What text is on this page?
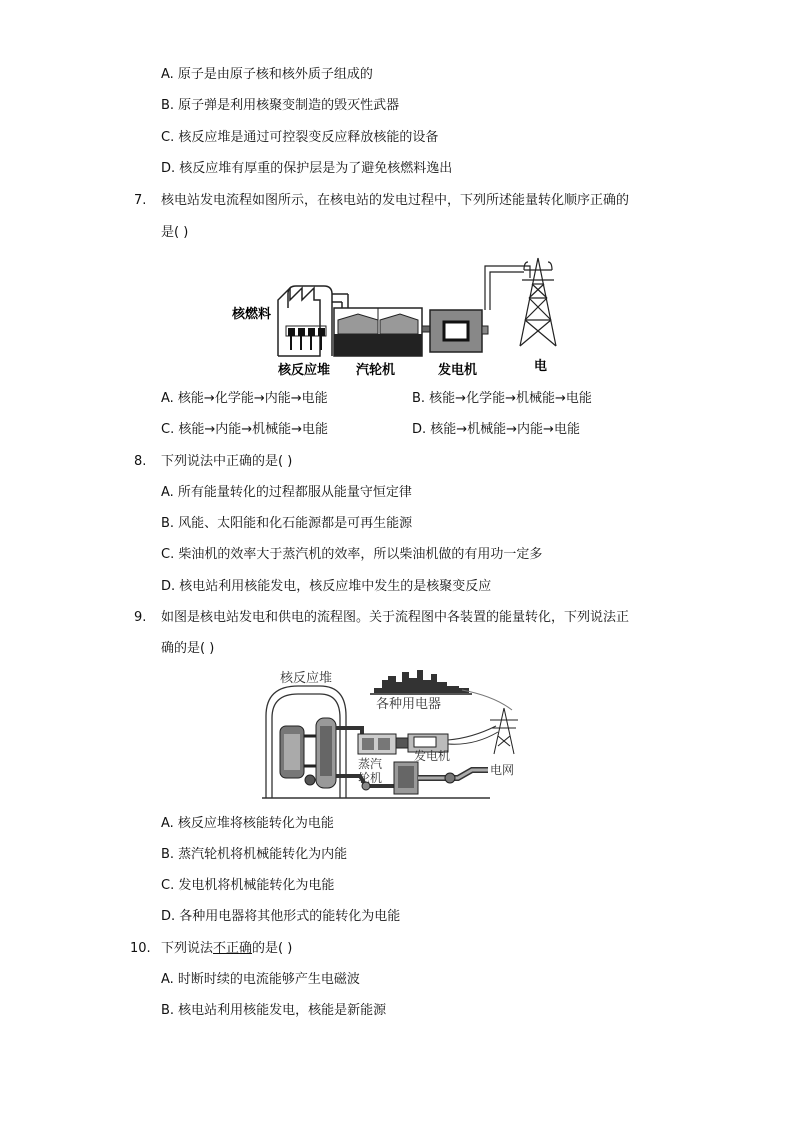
A. 原子是由原子核和核外质子组成的
B. 原子弹是利用核聚变制造的毁灭性武器
C. 核反应堆是通过可控裂变反应释放核能的设备
D. 核反应堆有厚重的保护层是为了避免核燃料逸出
7. 核电站发电流程如图所示，在核电站的发电过程中，下列所述能量转化顺序正确的
是( )
核燃料
核反应堆 汽轮机	发电机	电
A. 核能→化学能→内能→电能	B. 核能→化学能→机械能→电能
C. 核能→内能→机械能→电能	D. 核能→机械能→内能→电能
8. 下列说法中正确的是( )
A. 所有能量转化的过程都服从能量守恒定律
B. 风能、太阳能和化石能源都是可再生能源
C. 柴油机的效率大于蒸汽机的效率，所以柴油机做的有用功一定多
D. 核电站利用核能发电，核反应堆中发生的是核聚变反应
9. 如图是核电站发电和供电的流程图。关于流程图中各装置的能量转化，下列说法正
确的是( )
核反应堆
各种用电器
发电机
蒸汽
轮机
电网
A. 核反应堆将核能转化为电能
B. 蒸汽轮机将机械能转化为内能
C. 发电机将机械能转化为电能
D. 各种用电器将其他形式的能转化为电能
10. 下列说法不正确的是( )
A. 时断时续的电流能够产生电磁波
B. 核电站利用核能发电，核能是新能源
